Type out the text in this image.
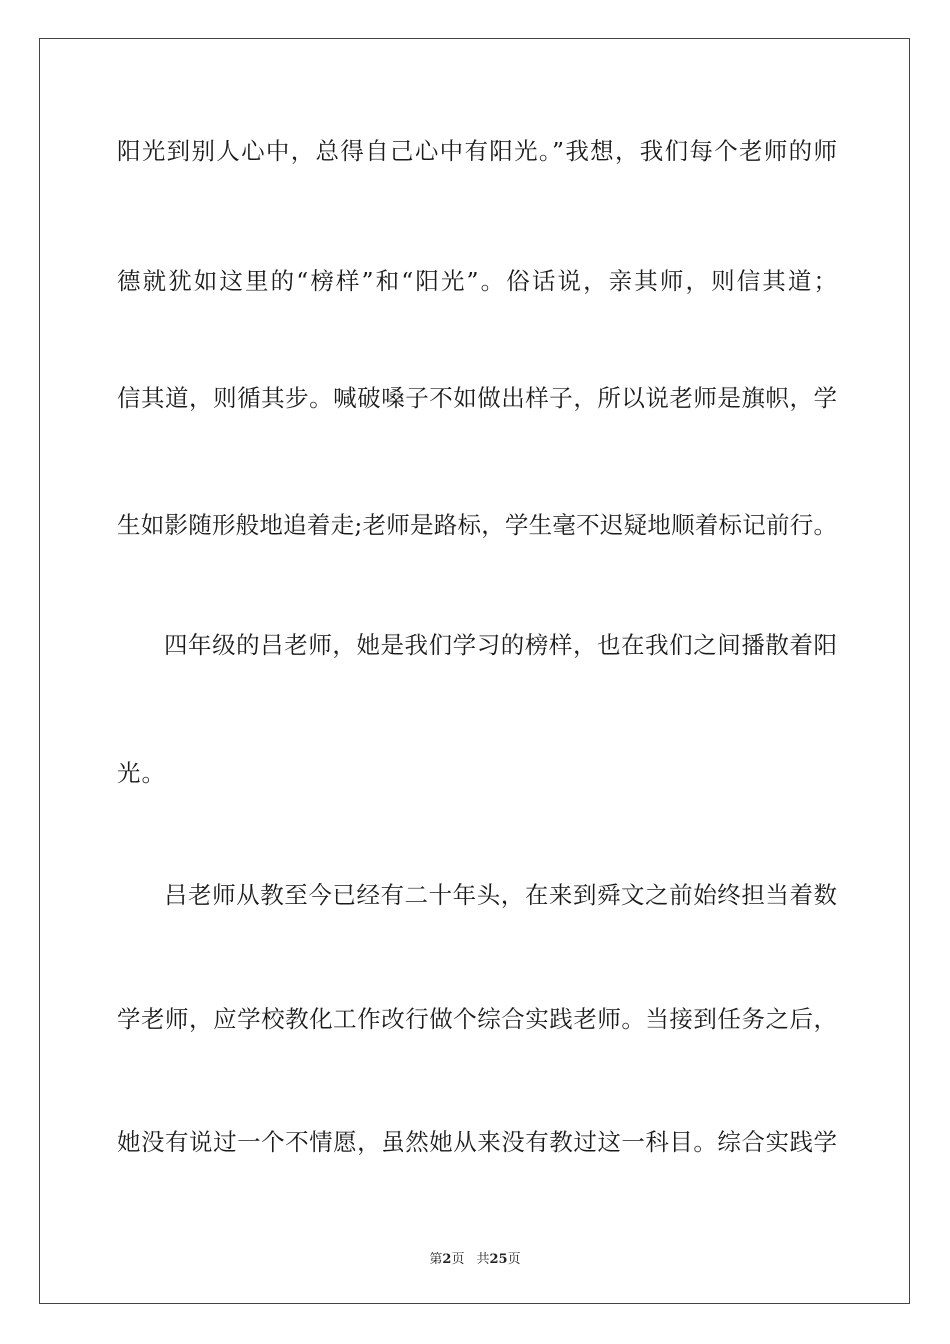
阳光到别人心中，总得自己心中有阳光。”我想，我们每个老师的师
德就犹如这里的“榜样”和“阳光”。俗话说，亲其师，则信其道；
信其道，则循其步。喊破嗓子不如做出样子，所以说老师是旗帜，学
生如影随形般地追着走;老师是路标，学生毫不迟疑地顺着标记前行。
四年级的吕老师，她是我们学习的榜样，也在我们之间播散着阳
光。
吕老师从教至今已经有二十年头，在来到舜文之前始终担当着数
学老师，应学校教化工作改行做个综合实践老师。当接到任务之后，
她没有说过一个不情愿，虽然她从来没有教过这一科目。综合实践学
第2页 共25页
